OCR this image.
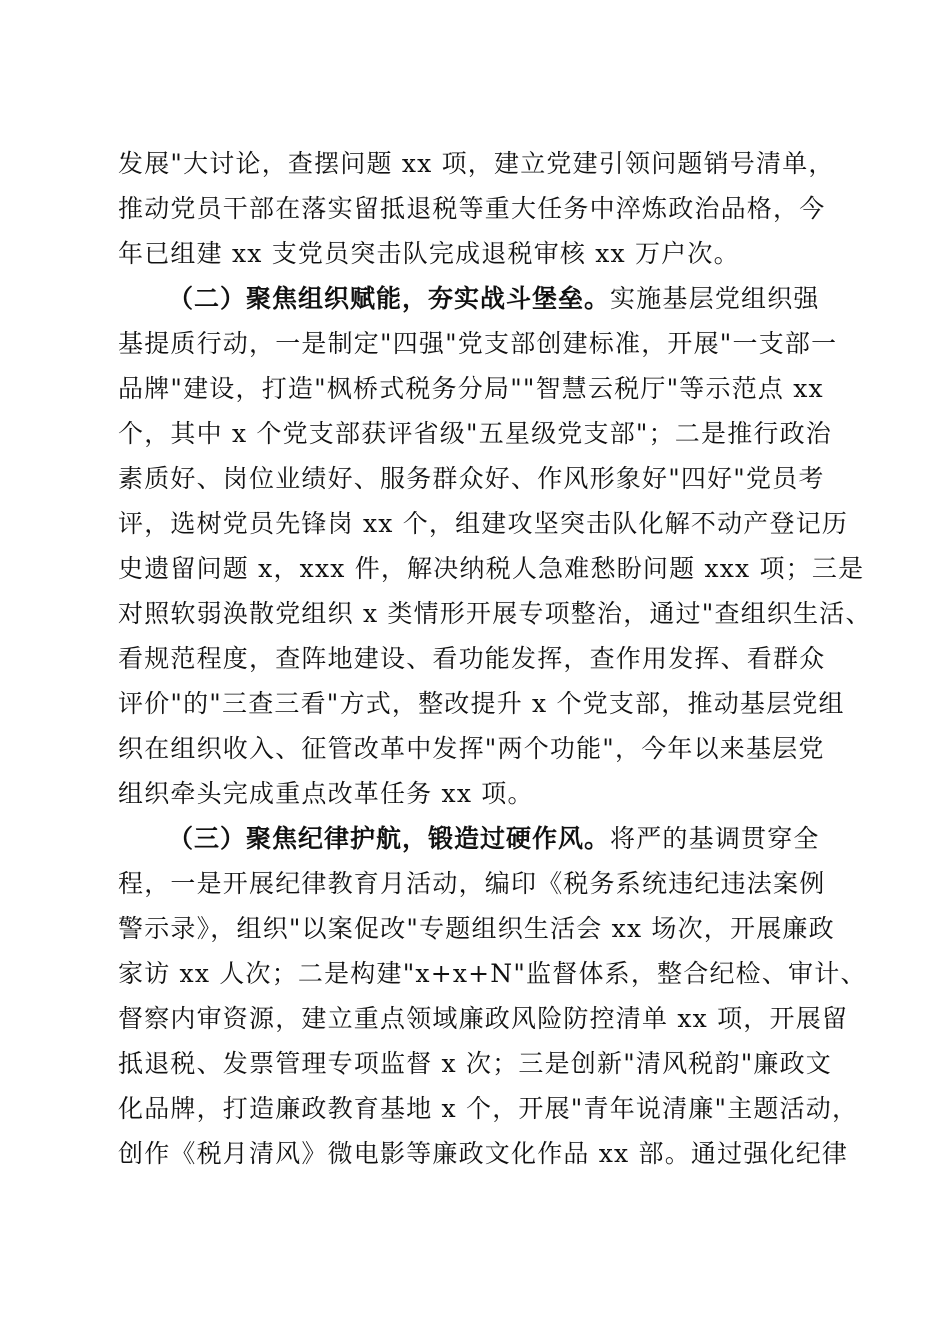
发展"大讨论，查摆问题 xx 项，建立党建引领问题销号清单，
推动党员干部在落实留抵退税等重大任务中淬炼政治品格，今
年已组建 xx 支党员突击队完成退税审核 xx 万户次。
（二）聚焦组织赋能，夯实战斗堡垒。实施基层党组织强
基提质行动，一是制定"四强"党支部创建标准，开展"一支部一
品牌"建设，打造"枫桥式税务分局""智慧云税厅"等示范点 xx
个，其中 x 个党支部获评省级"五星级党支部"；二是推行政治
素质好、岗位业绩好、服务群众好、作风形象好"四好"党员考
评，选树党员先锋岗 xx 个，组建攻坚突击队化解不动产登记历
史遗留问题 x，xxx 件，解决纳税人急难愁盼问题 xxx 项；三是
对照软弱涣散党组织 x 类情形开展专项整治，通过"查组织生活、
看规范程度，查阵地建设、看功能发挥，查作用发挥、看群众
评价"的"三查三看"方式，整改提升 x 个党支部，推动基层党组
织在组织收入、征管改革中发挥"两个功能"，今年以来基层党
组织牵头完成重点改革任务 xx 项。
（三）聚焦纪律护航，锻造过硬作风。将严的基调贯穿全
程，一是开展纪律教育月活动，编印《税务系统违纪违法案例
警示录》，组织"以案促改"专题组织生活会 xx 场次，开展廉政
家访 xx 人次；二是构建"x+x+N"监督体系，整合纪检、审计、
督察内审资源，建立重点领域廉政风险防控清单 xx 项，开展留
抵退税、发票管理专项监督 x 次；三是创新"清风税韵"廉政文
化品牌，打造廉政教育基地 x 个，开展"青年说清廉"主题活动，
创作《税月清风》微电影等廉政文化作品 xx 部。通过强化纪律
